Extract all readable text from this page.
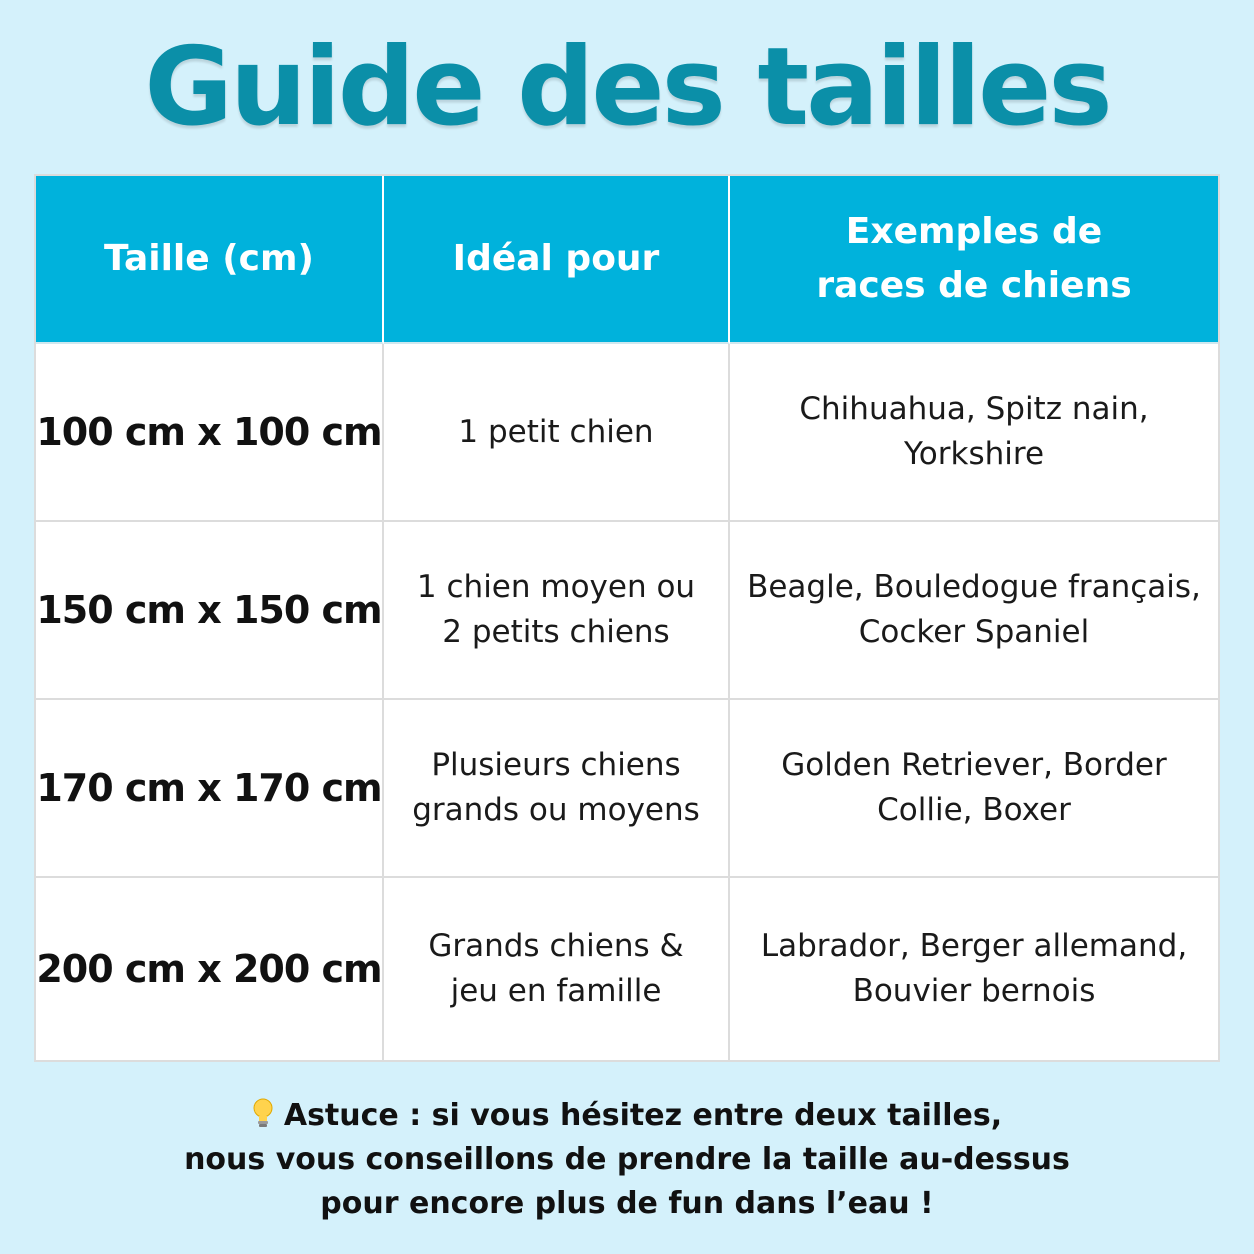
Guide des tailles
Taille (cm)	Idéal pour
Exemples de races de chiens
100 cm x 100 cm	1 petit chien
Chihuahua, Spitz nain, Yorkshire
150 cm x 150 cm
1 chien moyen ou 2 petits chiens
Beagle, Bouledogue français, Cocker Spaniel
170 cm x 170 cm
Plusieurs chiens grands ou moyens
Golden Retriever, Border Collie, Boxer
200 cm x 200 cm
Grands chiens & jeu en famille
Labrador, Berger allemand, Bouvier bernois
Astuce : si vous hésitez entre deux tailles,
nous vous conseillons de prendre la taille au-dessus
pour encore plus de fun dans l’eau !
